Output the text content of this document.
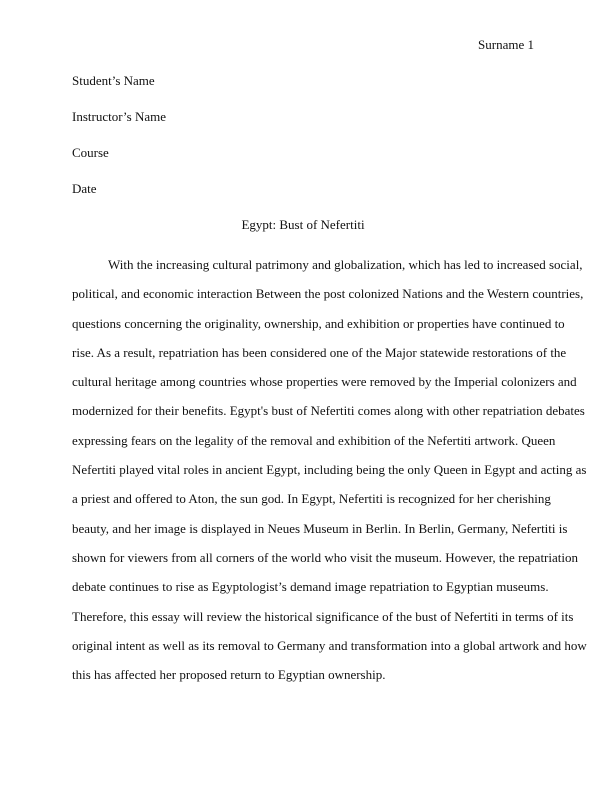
Surname 1
Student’s Name
Instructor’s Name
Course
Date
Egypt: Bust of Nefertiti
With the increasing cultural patrimony and globalization, which has led to increased social,
political, and economic interaction Between the post colonized Nations and the Western countries,
questions concerning the originality, ownership, and exhibition or properties have continued to
rise. As a result, repatriation has been considered one of the Major statewide restorations of the
cultural heritage among countries whose properties were removed by the Imperial colonizers and
modernized for their benefits. Egypt's bust of Nefertiti comes along with other repatriation debates
expressing fears on the legality of the removal and exhibition of the Nefertiti artwork. Queen
Nefertiti played vital roles in ancient Egypt, including being the only Queen in Egypt and acting as
a priest and offered to Aton, the sun god. In Egypt, Nefertiti is recognized for her cherishing
beauty, and her image is displayed in Neues Museum in Berlin. In Berlin, Germany, Nefertiti is
shown for viewers from all corners of the world who visit the museum. However, the repatriation
debate continues to rise as Egyptologist’s demand image repatriation to Egyptian museums.
Therefore, this essay will review the historical significance of the bust of Nefertiti in terms of its
original intent as well as its removal to Germany and transformation into a global artwork and how
this has affected her proposed return to Egyptian ownership.
